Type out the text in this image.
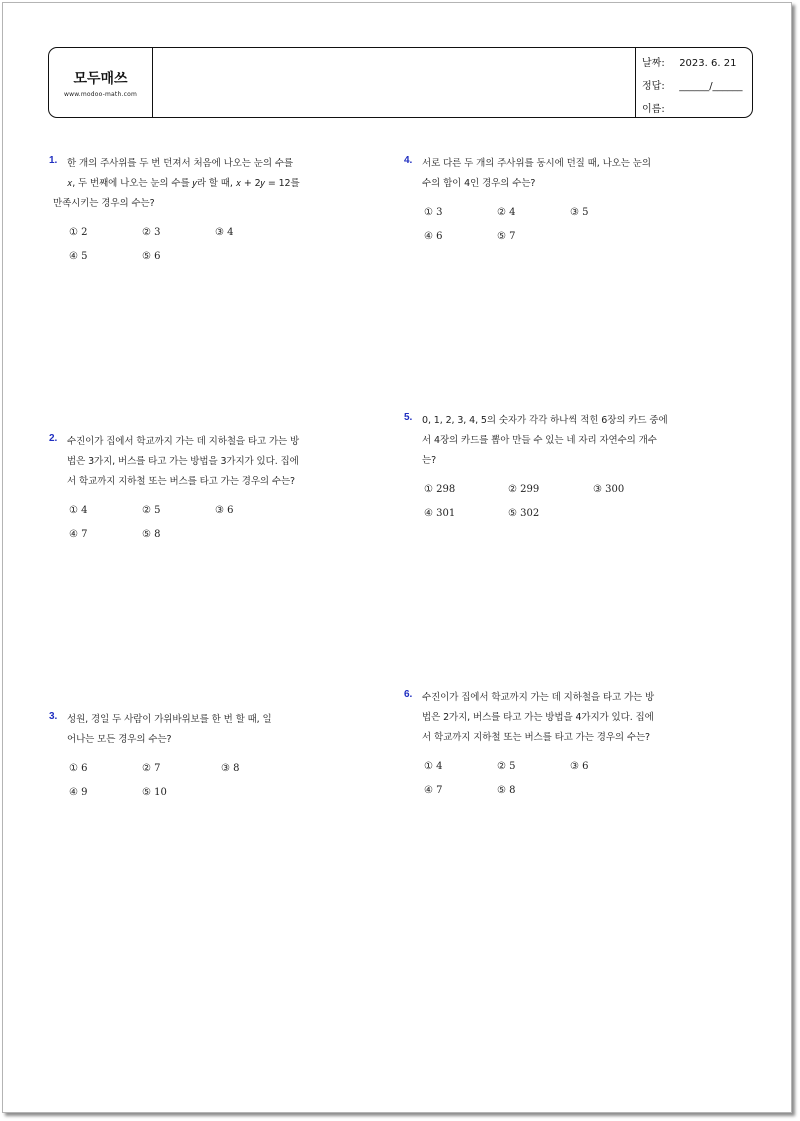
모두매쓰
www.modoo-math.com
날짜: 2023. 6. 21
정답: ______/______
이름:
1. 한 개의 주사위를 두 번 던져서 처음에 나오는 눈의 수를
𝑥, 두 번째에 나오는 눈의 수를 𝑦라 할 때, 𝑥 + 2𝑦 = 12를
만족시키는 경우의 수는?
① 2	② 3	③ 4
④ 5	⑤ 6
2. 수진이가 집에서 학교까지 가는 데 지하철을 타고 가는 방
법은 3가지, 버스를 타고 가는 방법을 3가지가 있다. 집에
서 학교까지 지하철 또는 버스를 타고 가는 경우의 수는?
① 4	② 5	③ 6
④ 7	⑤ 8
3. 성원, 경일 두 사람이 가위바위보를 한 번 할 때, 일
어나는 모든 경우의 수는?
① 6	② 7	③ 8
④ 9	⑤ 10
4. 서로 다른 두 개의 주사위를 동시에 던질 때, 나오는 눈의
수의 합이 4인 경우의 수는?
① 3	② 4	③ 5
④ 6	⑤ 7
5. 0, 1, 2, 3, 4, 5의 숫자가 각각 하나씩 적힌 6장의 카드 중에
서 4장의 카드를 뽑아 만들 수 있는 네 자리 자연수의 개수
는?
① 298	② 299	③ 300
④ 301	⑤ 302
6. 수진이가 집에서 학교까지 가는 데 지하철을 타고 가는 방
법은 2가지, 버스를 타고 가는 방법을 4가지가 있다. 집에
서 학교까지 지하철 또는 버스를 타고 가는 경우의 수는?
① 4	② 5	③ 6
④ 7	⑤ 8
